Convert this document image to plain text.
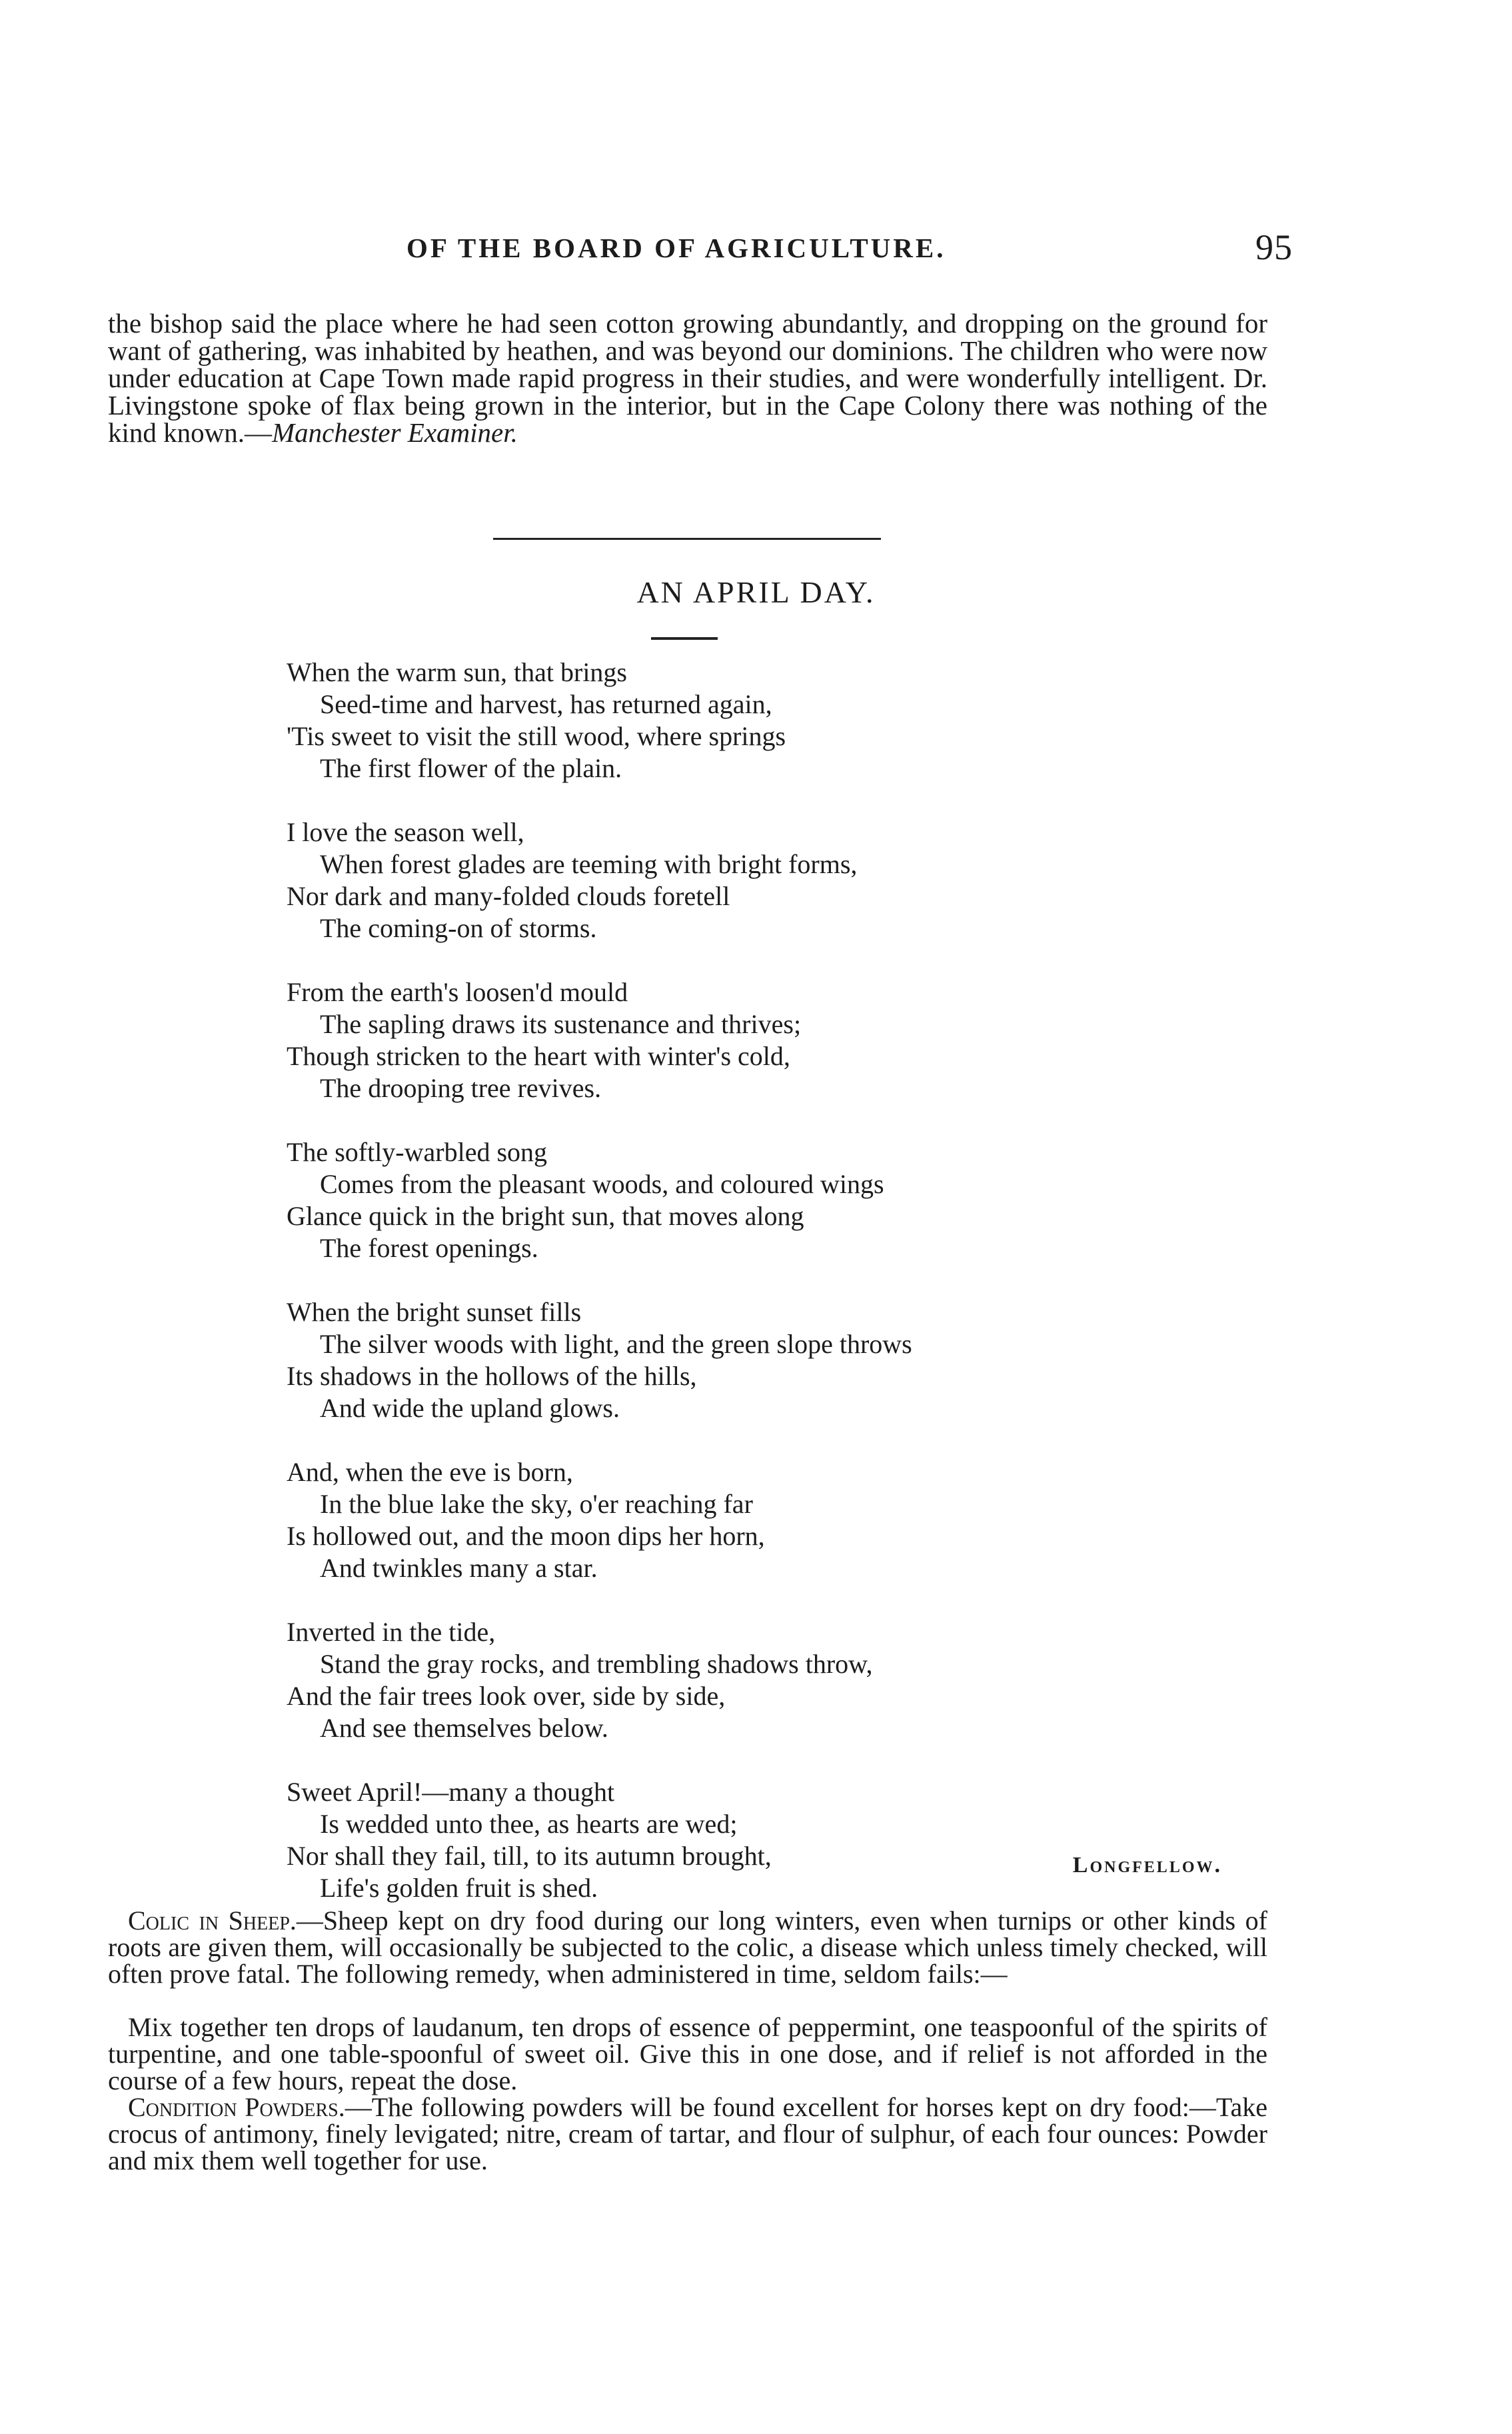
OF THE BOARD OF AGRICULTURE.	95
the bishop said the place where he had seen cotton growing abundantly, and dropping on the ground for want of gathering, was inhabited by heathen, and was beyond our dominions. The children who were now under education at Cape Town made rapid progress in their studies, and were wonderfully intelligent. Dr. Livingstone spoke of flax being grown in the interior, but in the Cape Colony there was nothing of the kind known.—Manchester Examiner.
AN APRIL DAY.
When the warm sun, that brings
Seed-time and harvest, has returned again,
'Tis sweet to visit the still wood, where springs
The first flower of the plain.
I love the season well,
When forest glades are teeming with bright forms,
Nor dark and many-folded clouds foretell
The coming-on of storms.
From the earth's loosen'd mould
The sapling draws its sustenance and thrives;
Though stricken to the heart with winter's cold,
The drooping tree revives.
The softly-warbled song
Comes from the pleasant woods, and coloured wings
Glance quick in the bright sun, that moves along
The forest openings.
When the bright sunset fills
The silver woods with light, and the green slope throws
Its shadows in the hollows of the hills,
And wide the upland glows.
And, when the eve is born,
In the blue lake the sky, o'er reaching far
Is hollowed out, and the moon dips her horn,
And twinkles many a star.
Inverted in the tide,
Stand the gray rocks, and trembling shadows throw,
And the fair trees look over, side by side,
And see themselves below.
Sweet April!—many a thought
Is wedded unto thee, as hearts are wed;
Nor shall they fail, till, to its autumn brought,
Life's golden fruit is shed.
Longfellow.

Colic in Sheep.—Sheep kept on dry food during our long winters, even when turnips or other kinds of roots are given them, will occasionally be subjected to the colic, a disease which unless timely checked, will often prove fatal. The following remedy, when administered in time, seldom fails:—

Mix together ten drops of laudanum, ten drops of essence of peppermint, one teaspoonful of the spirits of turpentine, and one table-spoonful of sweet oil. Give this in one dose, and if relief is not afforded in the course of a few hours, repeat the dose.

Condition Powders.—The following powders will be found excellent for horses kept on dry food:—Take crocus of antimony, finely levigated; nitre, cream of tartar, and flour of sulphur, of each four ounces: Powder and mix them well together for use.
